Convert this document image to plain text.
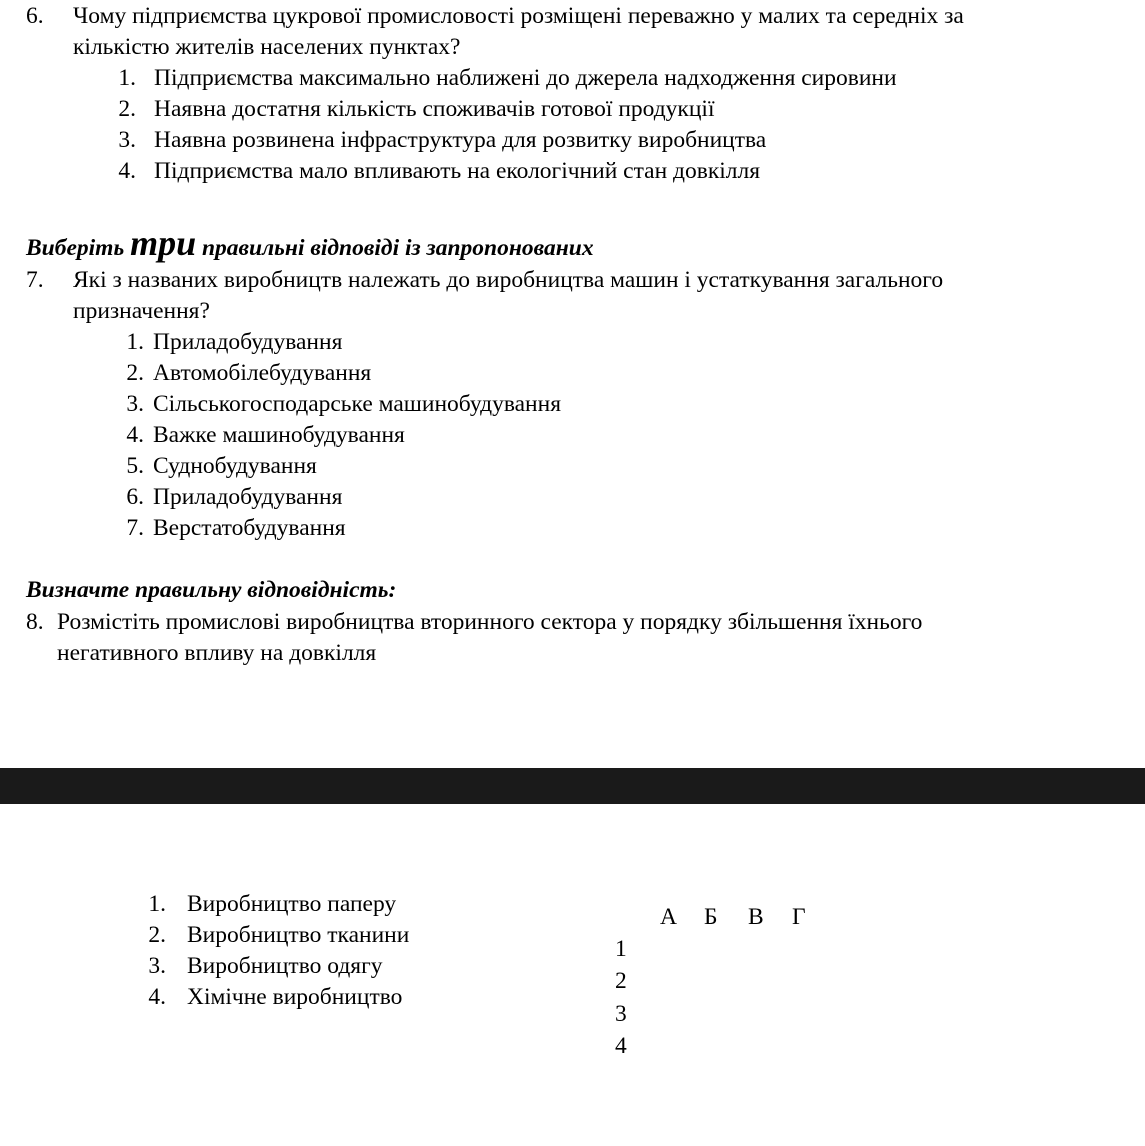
6. Чому підприємства цукрової промисловості розміщені переважно у малих та середніх за
кількістю жителів населених пунктах?
1. Підприємства максимально наближені до джерела надходження сировини
2. Наявна достатня кількість споживачів готової продукції
3. Наявна розвинена інфраструктура для розвитку виробництва
4. Підприємства мало впливають на екологічний стан довкілля
Виберіть три правильні відповіді із запропонованих
7. Які з названих виробництв належать до виробництва машин і устаткування загального
призначення?
1. Приладобудування
2. Автомобілебудування
3. Сільськогосподарське машинобудування
4. Важке машинобудування
5. Суднобудування
6. Приладобудування
7. Верстатобудування
Визначте правильну відповідність:
8. Розмістіть промислові виробництва вторинного сектора у порядку збільшення їхнього
негативного впливу на довкілля
1. Виробництво паперу
2. Виробництво тканини
3. Виробництво одягу
4. Хімічне виробництво
А Б В Г
1
2
3
4
